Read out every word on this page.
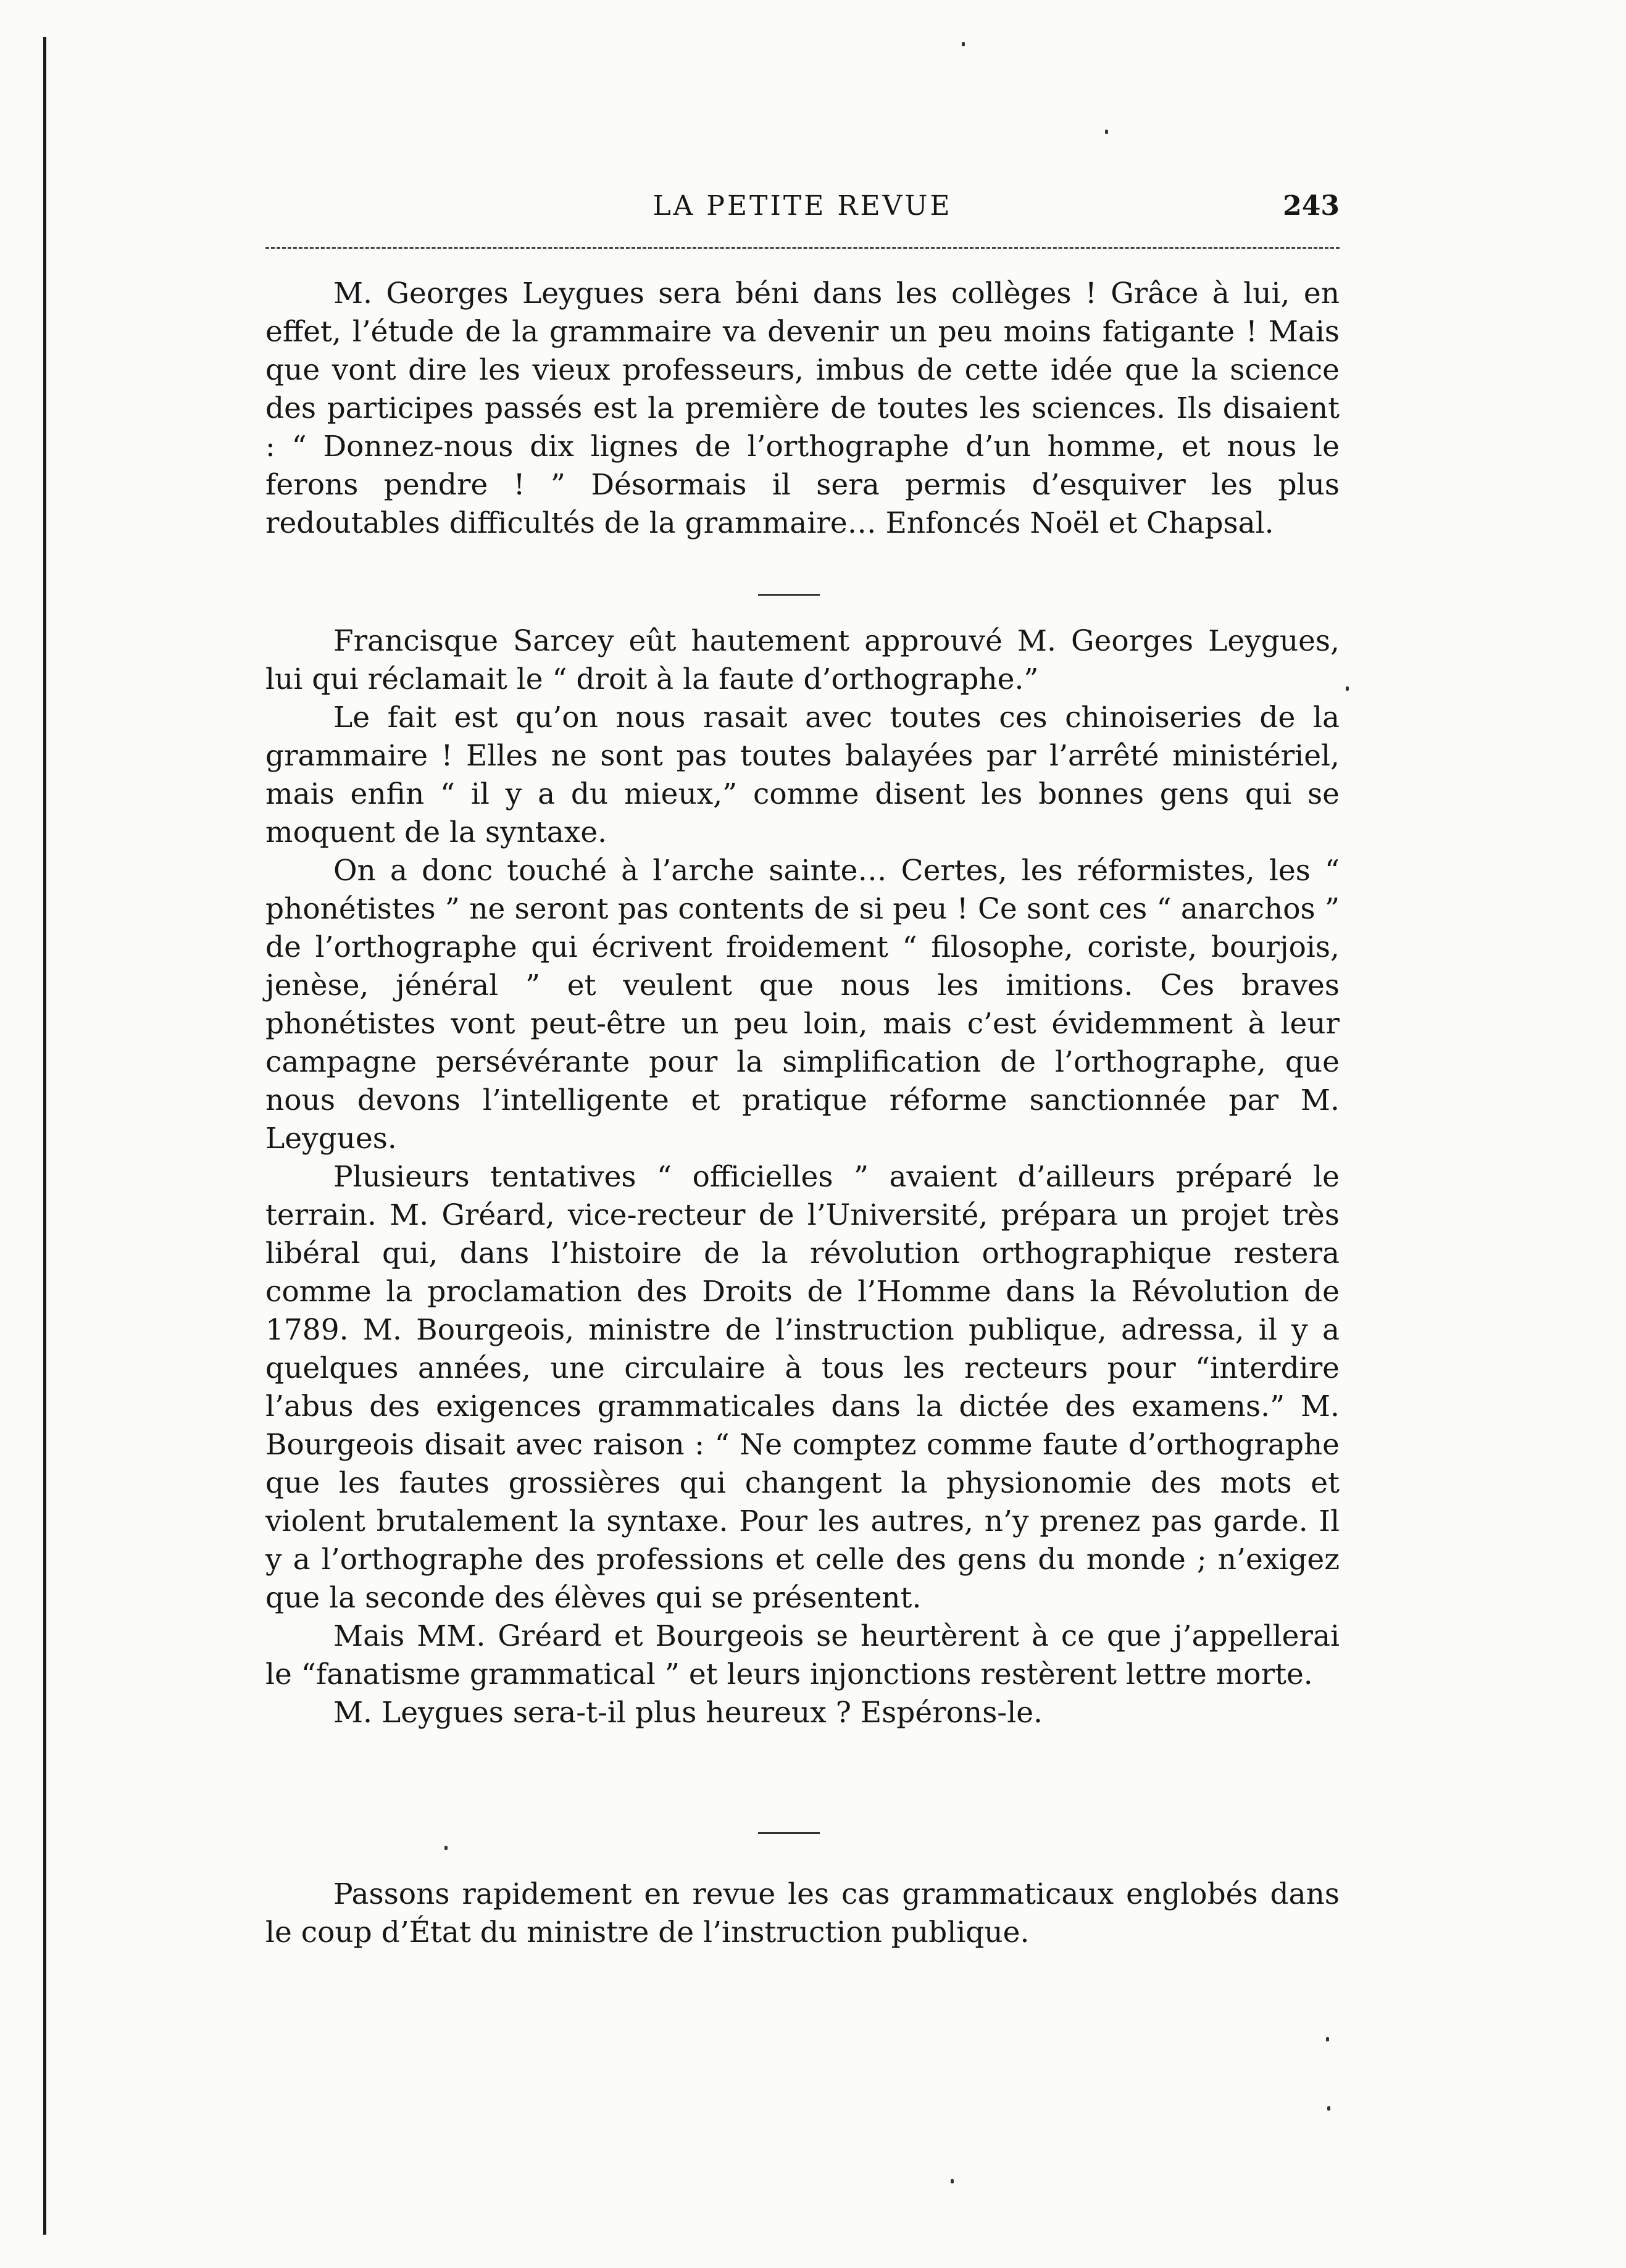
LA PETITE REVUE	243

M. Georges Leygues sera béni dans les collèges ! Grâce à lui, en effet, l’étude de la grammaire va devenir un peu moins fatigante ! Mais que vont dire les vieux professeurs, imbus de cette idée que la science des participes passés est la première de toutes les sciences. Ils disaient : “ Donnez-nous dix lignes de l’orthographe d’un homme, et nous le ferons pendre ! ” Désormais il sera permis d’esquiver les plus redoutables difficultés de la grammaire… Enfoncés Noël et Chapsal.

Francisque Sarcey eût hautement approuvé M. Georges Leygues, lui qui réclamait le “ droit à la faute d’orthographe.”

Le fait est qu’on nous rasait avec toutes ces chinoiseries de la grammaire ! Elles ne sont pas toutes balayées par l’arrêté ministériel, mais enfin “ il y a du mieux,” comme disent les bonnes gens qui se moquent de la syntaxe.

On a donc touché à l’arche sainte… Certes, les réformistes, les “ phonétistes ” ne seront pas contents de si peu ! Ce sont ces “ anarchos ” de l’orthographe qui écrivent froidement “ filosophe, coriste, bourjois, jenèse, jénéral ” et veulent que nous les imitions. Ces braves phonétistes vont peut-être un peu loin, mais c’est évidemment à leur campagne persévérante pour la simplification de l’orthographe, que nous devons l’intelligente et pratique réforme sanctionnée par M. Leygues.

Plusieurs tentatives “ officielles ” avaient d’ailleurs préparé le terrain. M. Gréard, vice-recteur de l’Université, prépara un projet très libéral qui, dans l’histoire de la révolution orthographique restera comme la proclamation des Droits de l’Homme dans la Révolution de 1789. M. Bourgeois, ministre de l’instruction publique, adressa, il y a quelques années, une circulaire à tous les recteurs pour “interdire l’abus des exigences grammaticales dans la dictée des examens.” M. Bourgeois disait avec raison : “ Ne comptez comme faute d’orthographe que les fautes grossières qui changent la physionomie des mots et violent brutalement la syntaxe. Pour les autres, n’y prenez pas garde. Il y a l’orthographe des professions et celle des gens du monde ; n’exigez que la seconde des élèves qui se présentent.

Mais MM. Gréard et Bourgeois se heurtèrent à ce que j’appellerai le “fanatisme grammatical ” et leurs injonctions restèrent lettre morte.

M. Leygues sera-t-il plus heureux ? Espérons-le.

Passons rapidement en revue les cas grammaticaux englobés dans le coup d’État du ministre de l’instruction publique.
